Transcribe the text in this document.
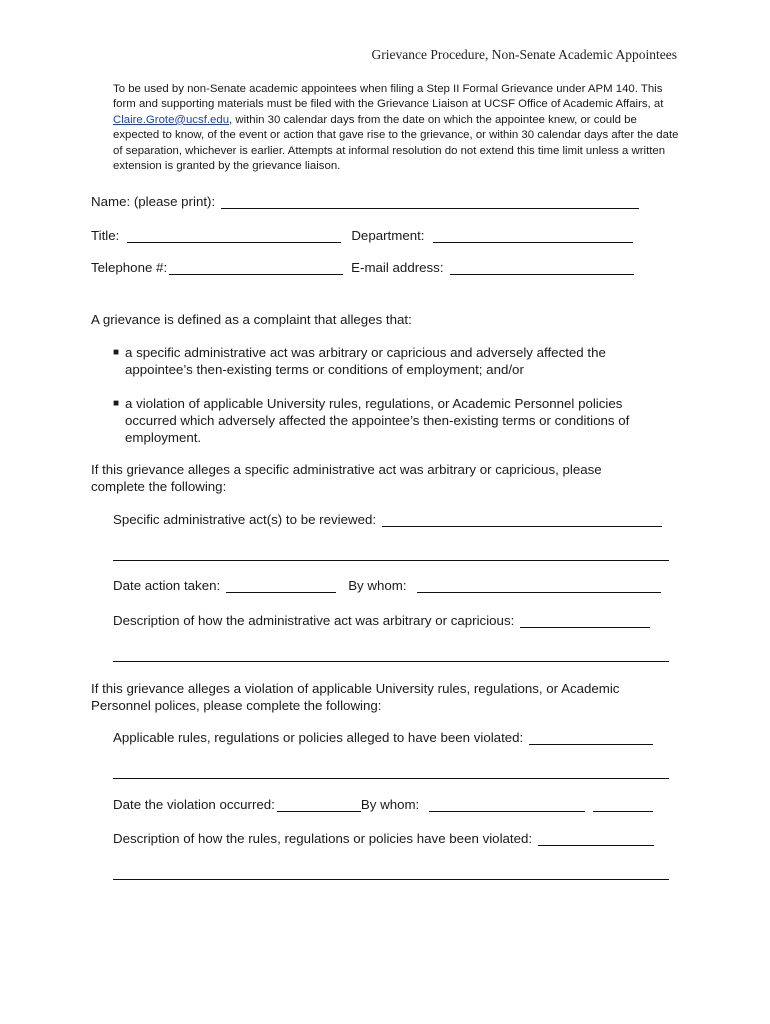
Grievance Procedure, Non-Senate Academic Appointees
To be used by non-Senate academic appointees when filing a Step II Formal Grievance under APM 140. This form and supporting materials must be filed with the Grievance Liaison at UCSF Office of Academic Affairs, at Claire.Grote@ucsf.edu, within 30 calendar days from the date on which the appointee knew, or could be expected to know, of the event or action that gave rise to the grievance, or within 30 calendar days after the date of separation, whichever is earlier. Attempts at informal resolution do not extend this time limit unless a written extension is granted by the grievance liaison.
Name: (please print):
Title:	Department:
Telephone #:	E-mail address:
A grievance is defined as a complaint that alleges that:
■ a specific administrative act was arbitrary or capricious and adversely affected the appointee’s then-existing terms or conditions of employment; and/or
■ a violation of applicable University rules, regulations, or Academic Personnel policies occurred which adversely affected the appointee’s then-existing terms or conditions of employment.
If this grievance alleges a specific administrative act was arbitrary or capricious, please complete the following:
Specific administrative act(s) to be reviewed:
Date action taken:	By whom:
Description of how the administrative act was arbitrary or capricious:
If this grievance alleges a violation of applicable University rules, regulations, or Academic Personnel polices, please complete the following:
Applicable rules, regulations or policies alleged to have been violated:
Date the violation occurred:	By whom:
Description of how the rules, regulations or policies have been violated:
